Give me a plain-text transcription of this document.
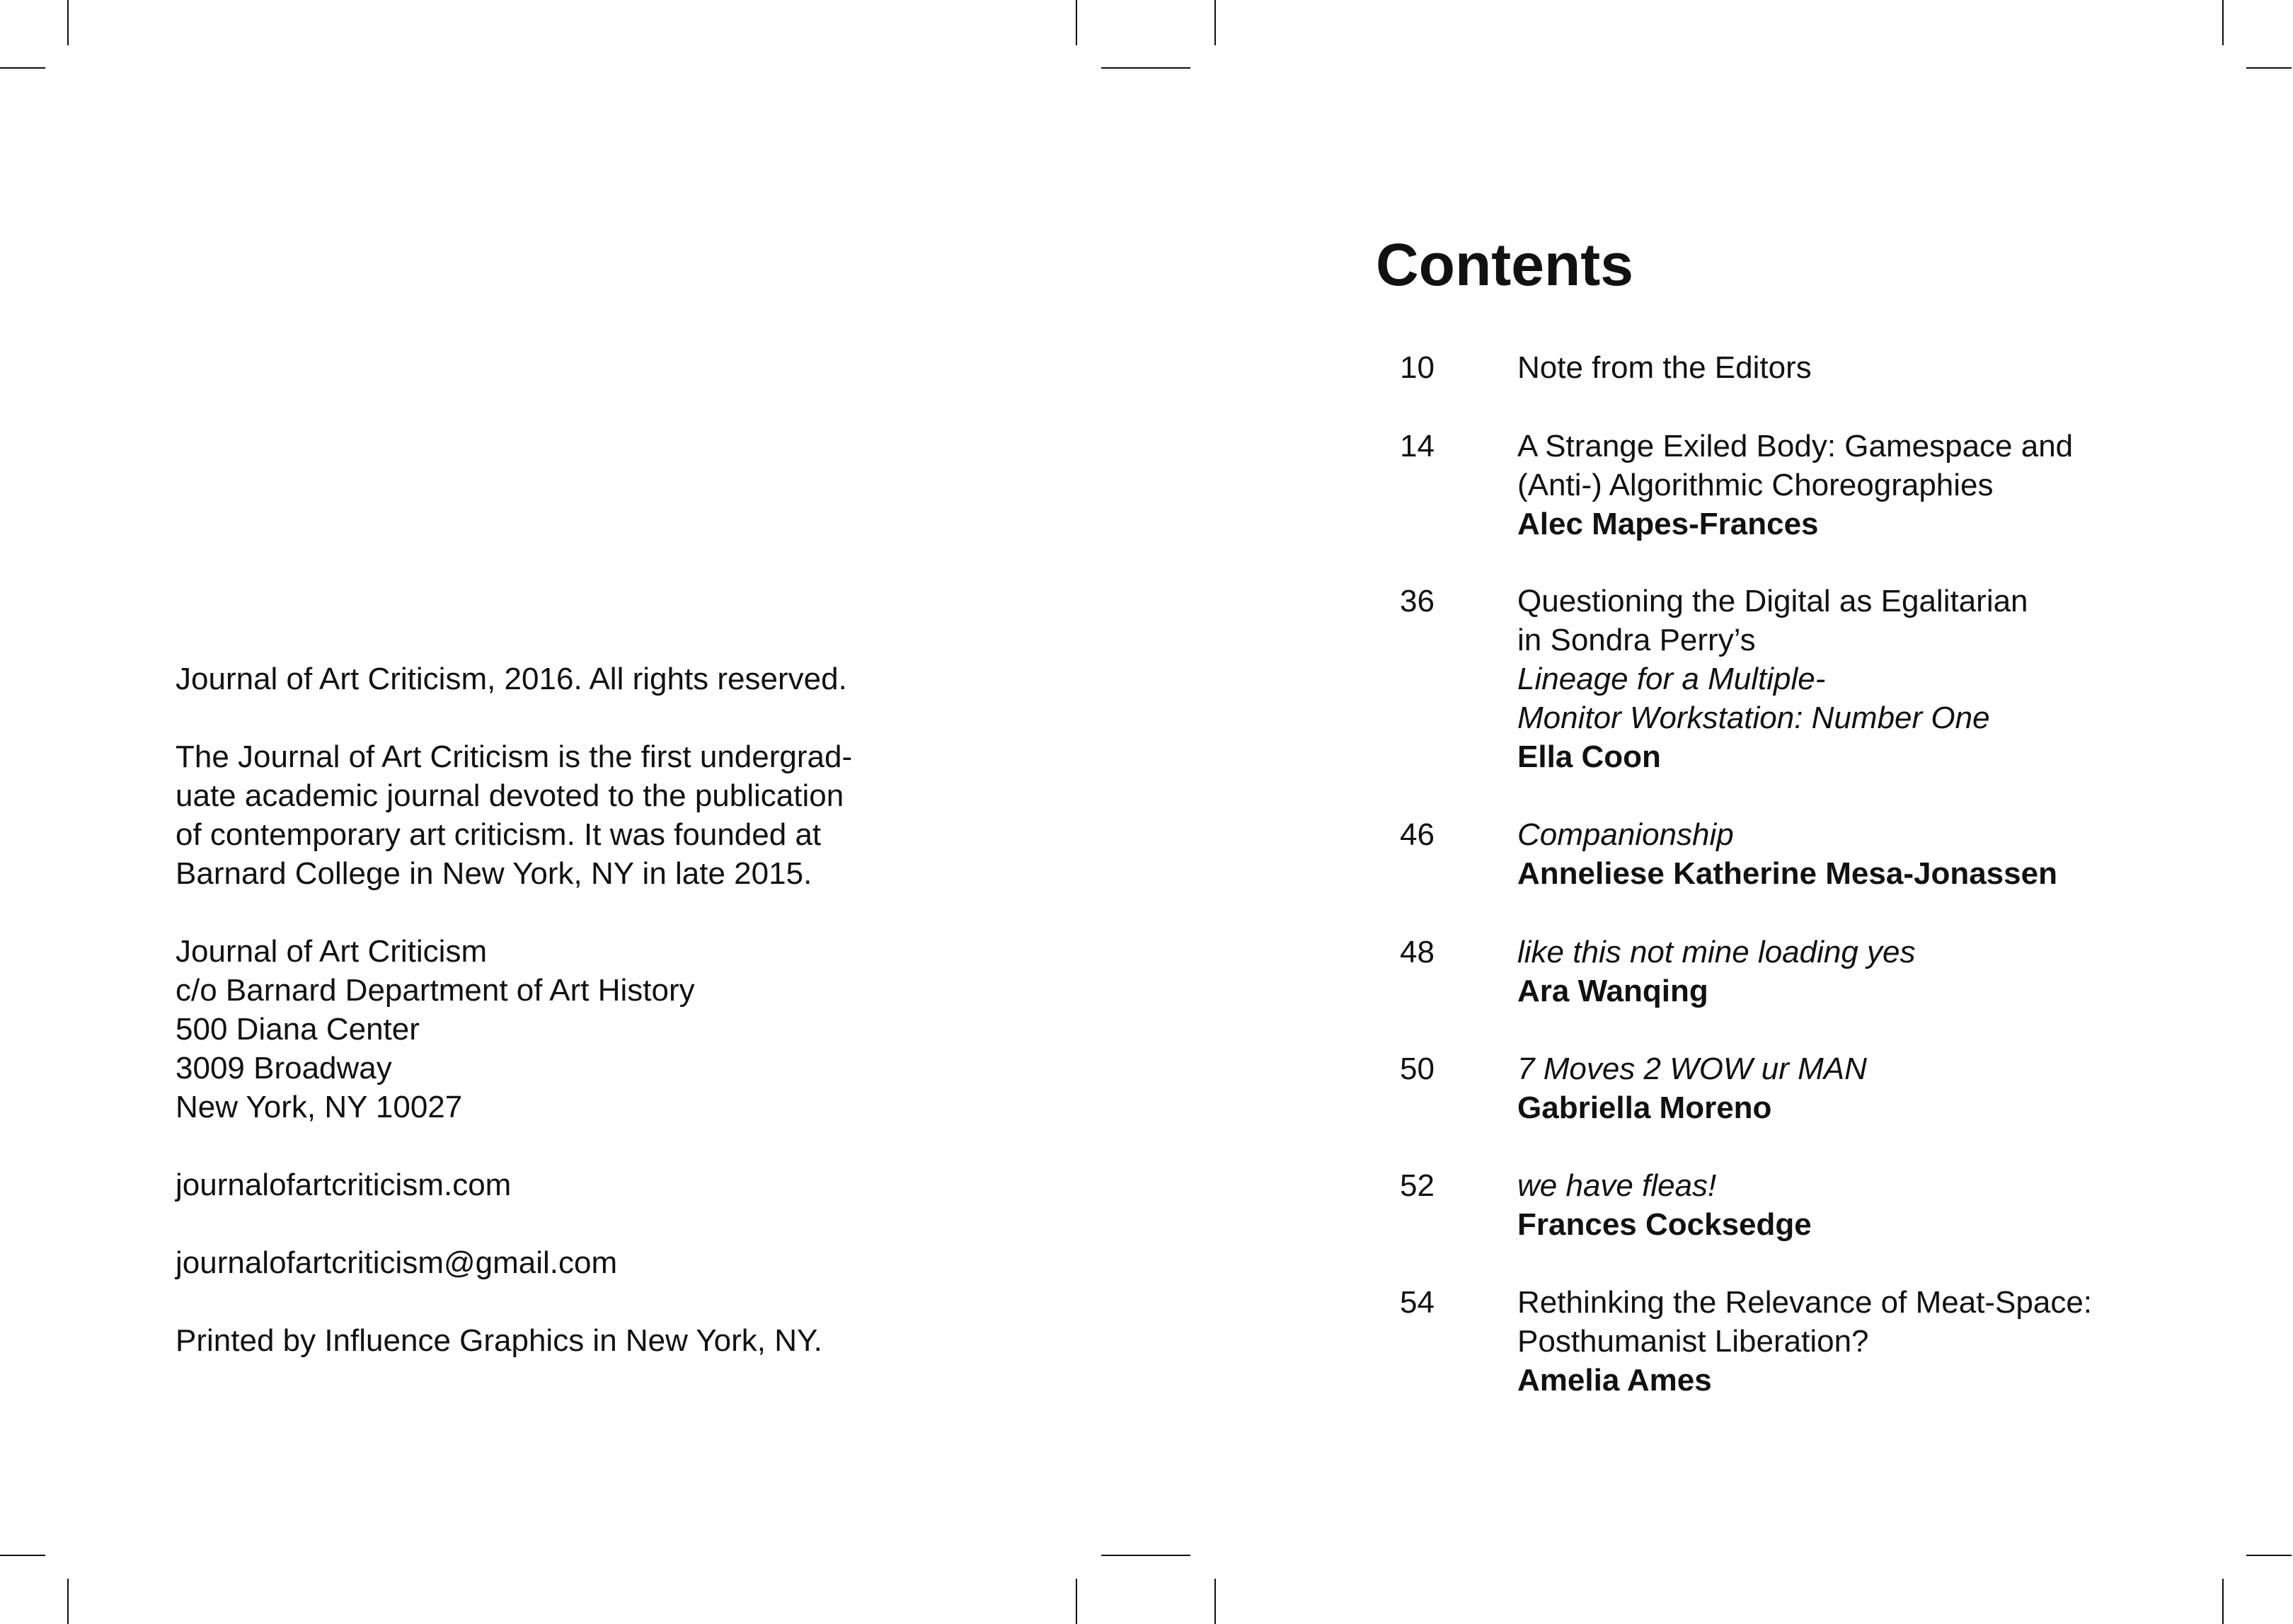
Journal of Art Criticism, 2016. All rights reserved.

The Journal of Art Criticism is the first undergrad-

uate academic journal devoted to the publication

of contemporary art criticism. It was founded at

Barnard College in New York, NY in late 2015.

Journal of Art Criticism

c/o Barnard Department of Art History

500 Diana Center

3009 Broadway

New York, NY 10027

journalofartcriticism.com

journalofartcriticism@gmail.com

Printed by Influence Graphics in New York, NY.

Contents
10	Note from the Editors
14	A Strange Exiled Body: Gamespace and
(Anti-) Algorithmic Choreographies
Alec Mapes-Frances
36	Questioning the Digital as Egalitarian
in Sondra Perry’s
Lineage for a Multiple-
Monitor Workstation: Number One
Ella Coon
46	Companionship
Anneliese Katherine Mesa-Jonassen
48	like this not mine loading yes
Ara Wanqing
50	7 Moves 2 WOW ur MAN
Gabriella Moreno
52	we have fleas!
Frances Cocksedge
54	Rethinking the Relevance of Meat-Space:
Posthumanist Liberation?
Amelia Ames
